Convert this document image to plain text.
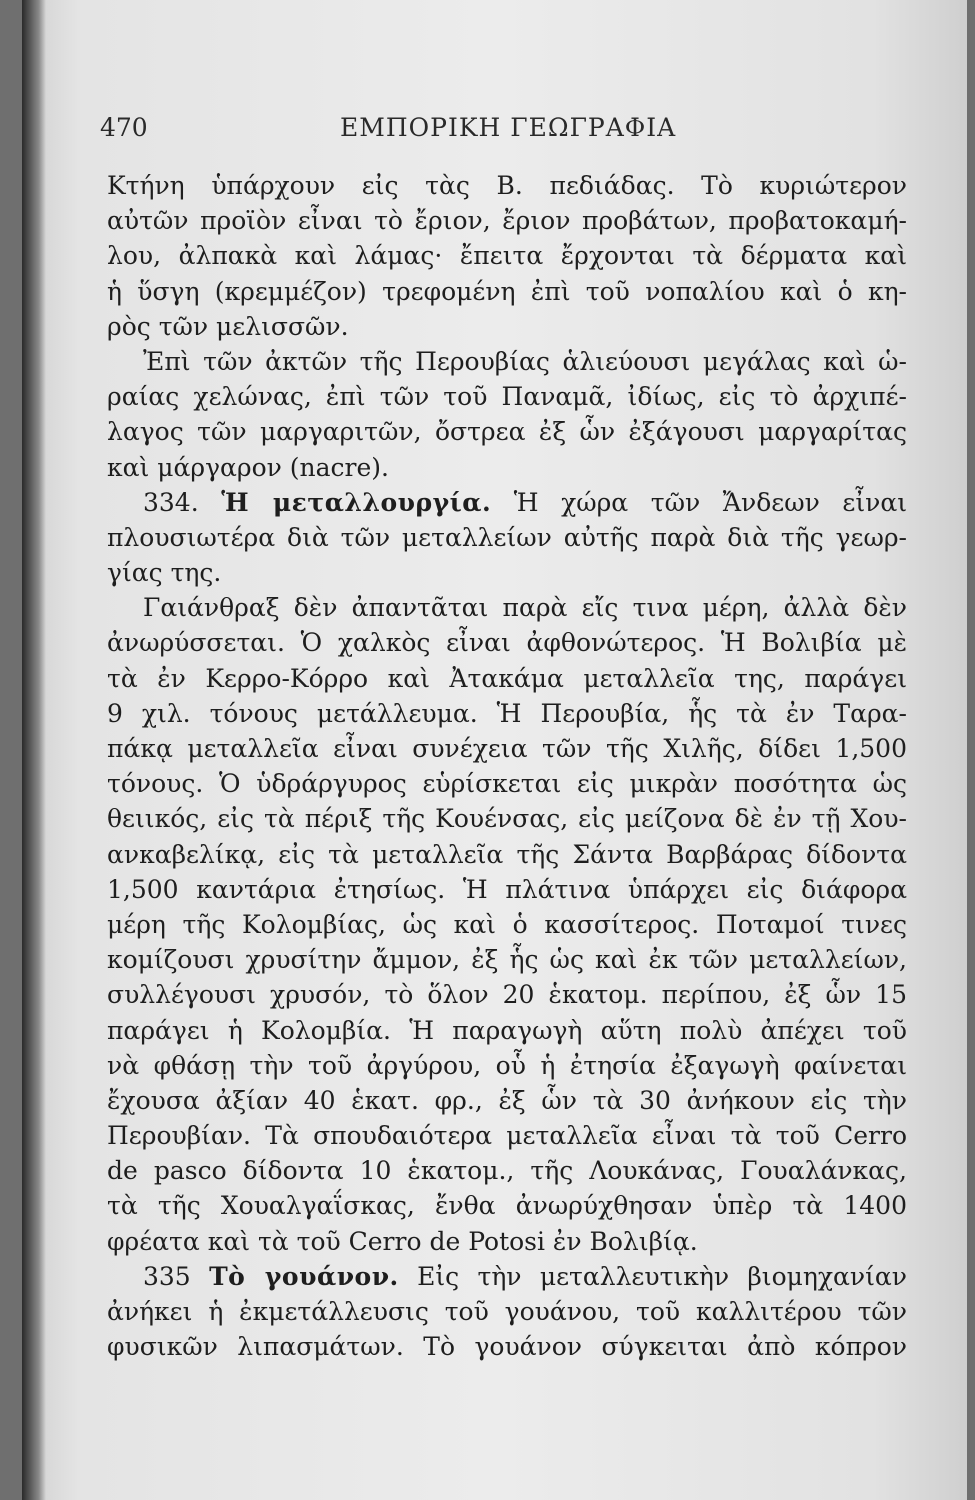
470	ΕΜΠΟΡΙΚΗ ΓΕΩΓΡΑΦΙΑ
Κτήνη ὑπάρχουν εἰς τὰς Β. πεδιάδας. Τὸ κυριώτερον
αὐτῶν προϊὸν εἶναι τὸ ἔριον, ἔριον προβάτων, προβατοκαμή-
λου, ἀλπακὰ καὶ λάμας· ἔπειτα ἔρχονται τὰ δέρματα καὶ
ἡ ὕσγη (κρεμμέζον) τρεφομένη ἐπὶ τοῦ νοπαλίου καὶ ὁ κη-
ρὸς τῶν μελισσῶν.
Ἐπὶ τῶν ἀκτῶν τῆς Περουβίας ἁλιεύουσι μεγάλας καὶ ὡ-
ραίας χελώνας, ἐπὶ τῶν τοῦ Παναμᾶ, ἰδίως, εἰς τὸ ἀρχιπέ-
λαγος τῶν μαργαριτῶν, ὄστρεα ἐξ ὧν ἐξάγουσι μαργαρίτας
καὶ μάργαρον (nacre).
334. Ἡ μεταλλουργία. Ἡ χώρα τῶν Ἄνδεων εἶναι
πλουσιωτέρα διὰ τῶν μεταλλείων αὐτῆς παρὰ διὰ τῆς γεωρ-
γίας της.
Γαιάνθραξ δὲν ἀπαντᾶται παρὰ εἴς τινα μέρη, ἀλλὰ δὲν
ἀνωρύσσεται. Ὁ χαλκὸς εἶναι ἀφθονώτερος. Ἡ Βολιβία μὲ
τὰ ἐν Κερρο-Κόρρο καὶ Ἀτακάμα μεταλλεῖα της, παράγει
9 χιλ. τόνους μετάλλευμα. Ἡ Περουβία, ἧς τὰ ἐν Ταρα-
πάκᾳ μεταλλεῖα εἶναι συνέχεια τῶν τῆς Χιλῆς, δίδει 1,500
τόνους. Ὁ ὑδράργυρος εὑρίσκεται εἰς μικρὰν ποσότητα ὡς
θειικός, εἰς τὰ πέριξ τῆς Κουένσας, εἰς μείζονα δὲ ἐν τῇ Χου-
ανκαβελίκᾳ, εἰς τὰ μεταλλεῖα τῆς Σάντα Βαρβάρας δίδοντα
1,500 καντάρια ἐτησίως. Ἡ πλάτινα ὑπάρχει εἰς διάφορα
μέρη τῆς Κολομβίας, ὡς καὶ ὁ κασσίτερος. Ποταμοί τινες
κομίζουσι χρυσίτην ἄμμον, ἐξ ἧς ὡς καὶ ἐκ τῶν μεταλλείων,
συλλέγουσι χρυσόν, τὸ ὅλον 20 ἑκατομ. περίπου, ἐξ ὧν 15
παράγει ἡ Κολομβία. Ἡ παραγωγὴ αὕτη πολὺ ἀπέχει τοῦ
νὰ φθάσῃ τὴν τοῦ ἀργύρου, οὗ ἡ ἐτησία ἐξαγωγὴ φαίνεται
ἔχουσα ἀξίαν 40 ἑκατ. φρ., ἐξ ὧν τὰ 30 ἀνήκουν εἰς τὴν
Περουβίαν. Τὰ σπουδαιότερα μεταλλεῖα εἶναι τὰ τοῦ Cerro
de pasco δίδοντα 10 ἑκατομ., τῆς Λουκάνας, Γουαλάνκας,
τὰ τῆς Χουαλγαΐσκας, ἔνθα ἀνωρύχθησαν ὑπὲρ τὰ 1400
φρέατα καὶ τὰ τοῦ Cerro de Potosi ἐν Βολιβίᾳ.
335 Τὸ γουάνον. Εἰς τὴν μεταλλευτικὴν βιομηχανίαν
ἀνήκει ἡ ἐκμετάλλευσις τοῦ γουάνου, τοῦ καλλιτέρου τῶν
φυσικῶν λιπασμάτων. Τὸ γουάνον σύγκειται ἀπὸ κόπρον
